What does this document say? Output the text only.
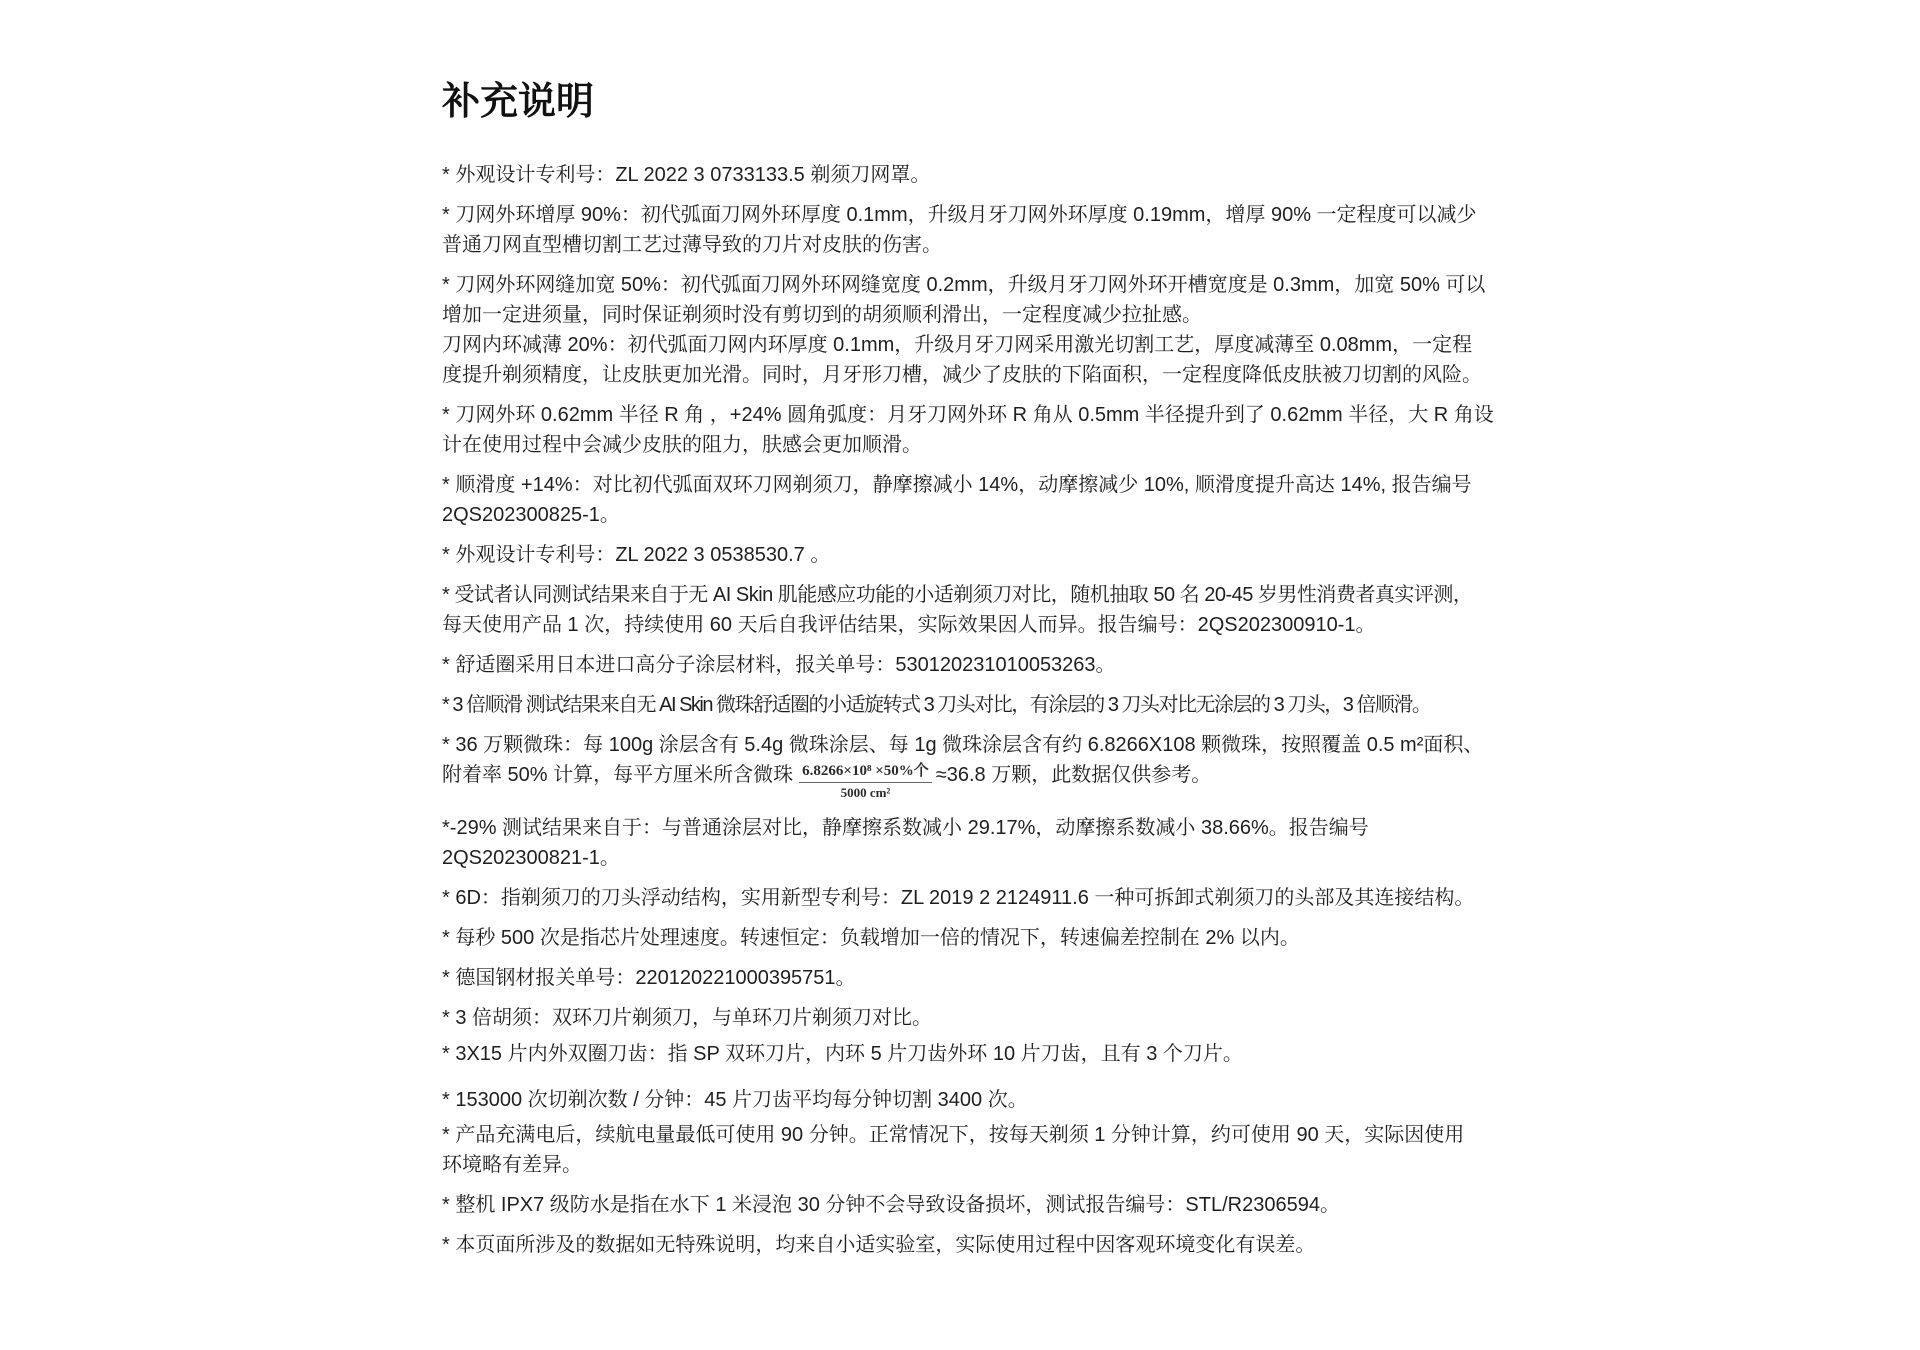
补充说明
* 外观设计专利号：ZL 2022 3 0733133.5 剃须刀网罩。
* 刀网外环增厚 90%：初代弧面刀网外环厚度 0.1mm，升级月牙刀网外环厚度 0.19mm，增厚 90% 一定程度可以减少
普通刀网直型槽切割工艺过薄导致的刀片对皮肤的伤害。
* 刀网外环网缝加宽 50%：初代弧面刀网外环网缝宽度 0.2mm，升级月牙刀网外环开槽宽度是 0.3mm，加宽 50% 可以
增加一定进须量，同时保证剃须时没有剪切到的胡须顺利滑出，一定程度减少拉扯感。
刀网内环减薄 20%：初代弧面刀网内环厚度 0.1mm，升级月牙刀网采用激光切割工艺，厚度减薄至 0.08mm，一定程
度提升剃须精度，让皮肤更加光滑。同时，月牙形刀槽，减少了皮肤的下陷面积，一定程度降低皮肤被刀切割的风险。
* 刀网外环 0.62mm 半径 R 角 ，+24% 圆角弧度：月牙刀网外环 R 角从 0.5mm 半径提升到了 0.62mm 半径，大 R 角设
计在使用过程中会减少皮肤的阻力，肤感会更加顺滑。
* 顺滑度 +14%：对比初代弧面双环刀网剃须刀，静摩擦减小 14%，动摩擦减少 10%, 顺滑度提升高达 14%, 报告编号
2QS202300825-1。
* 外观设计专利号：ZL 2022 3 0538530.7 。
* 受试者认同测试结果来自于无 AI Skin 肌能感应功能的小适剃须刀对比，随机抽取 50 名 20-45 岁男性消费者真实评测，
每天使用产品 1 次，持续使用 60 天后自我评估结果，实际效果因人而异。报告编号：2QS202300910-1。
* 舒适圈采用日本进口高分子涂层材料，报关单号：530120231010053263。
* 3 倍顺滑 测试结果来自无 AI Skin 微珠舒适圈的小适旋转式 3 刀头对比，有涂层的 3 刀头对比无涂层的 3 刀头，3 倍顺滑。
* 36 万颗微珠：每 100g 涂层含有 5.4g 微珠涂层、每 1g 微珠涂层含有约 6.8266X108 颗微珠，按照覆盖 0.5 m²面积、
附着率 50% 计算，每平方厘米所含微珠 $\frac{\text{6.8266×10⁸ ×50\%个}}{\text{5000 cm²}} \approx 36.8$ 万颗，此数据仅供参考。
*-29% 测试结果来自于：与普通涂层对比，静摩擦系数减小 29.17%，动摩擦系数减小 38.66%。报告编号
2QS202300821-1。
* 6D：指剃须刀的刀头浮动结构，实用新型专利号：ZL 2019 2 2124911.6 一种可拆卸式剃须刀的头部及其连接结构。
* 每秒 500 次是指芯片处理速度。转速恒定：负载增加一倍的情况下，转速偏差控制在 2% 以内。
* 德国钢材报关单号：220120221000395751。
* 3 倍胡须：双环刀片剃须刀，与单环刀片剃须刀对比。
* 3X15 片内外双圈刀齿：指 SP 双环刀片，内环 5 片刀齿外环 10 片刀齿，且有 3 个刀片。
* 153000 次切剃次数 / 分钟：45 片刀齿平均每分钟切割 3400 次。
* 产品充满电后，续航电量最低可使用 90 分钟。正常情况下，按每天剃须 1 分钟计算，约可使用 90 天，实际因使用
环境略有差异。
* 整机 IPX7 级防水是指在水下 1 米浸泡 30 分钟不会导致设备损坏，测试报告编号：STL/R2306594。
* 本页面所涉及的数据如无特殊说明，均来自小适实验室，实际使用过程中因客观环境变化有误差。
